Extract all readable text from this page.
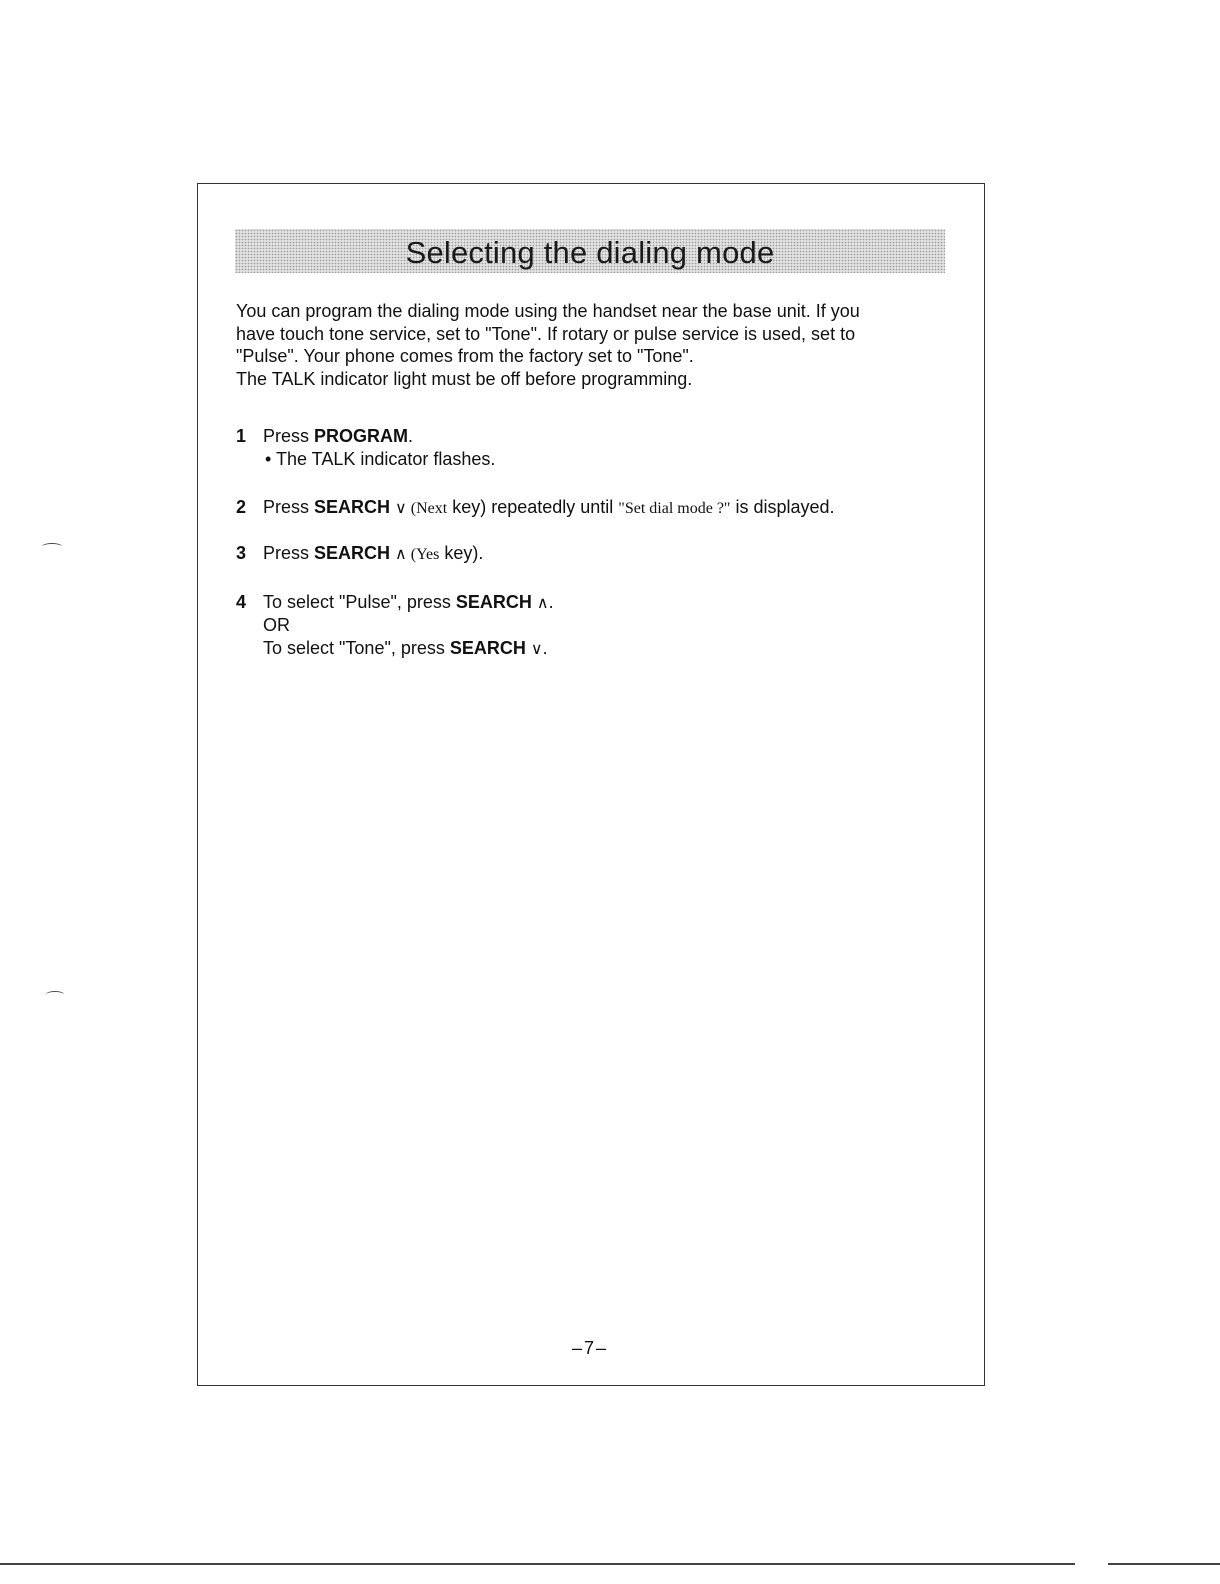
Selecting the dialing mode

You can program the dialing mode using the handset near the base unit. If you

have touch tone service, set to "Tone". If rotary or pulse service is used, set to

"Pulse". Your phone comes from the factory set to "Tone".

The TALK indicator light must be off before programming.

1 Press PROGRAM.
• The TALK indicator flashes.
2 Press SEARCH ∨ (Next key) repeatedly until "Set dial mode ?" is displayed.
3 Press SEARCH ∧ (Yes key).
4 To select "Pulse", press SEARCH ∧.
OR
To select "Tone", press SEARCH ∨.
–7–
